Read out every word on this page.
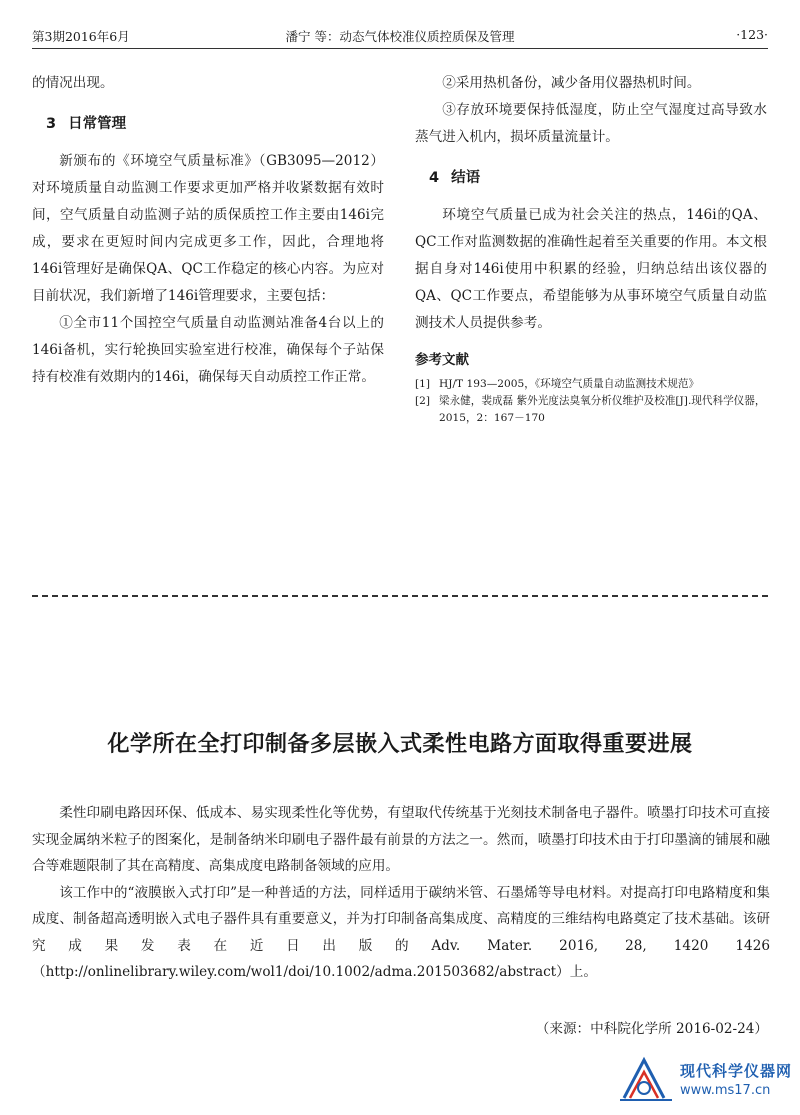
第3期2016年6月	潘宁 等：动态气体校准仪质控质保及管理	·123·

的情况出现。

3 日常管理

新颁布的《环境空气质量标准》（GB3095—2012）对环境质量自动监测工作要求更加严格并收紧数据有效时间，空气质量自动监测子站的质保质控工作主要由146i完成，要求在更短时间内完成更多工作，因此，合理地将146i管理好是确保QA、QC工作稳定的核心内容。为应对目前状况，我们新增了146i管理要求，主要包括：

①全市11个国控空气质量自动监测站准备4台以上的146i备机，实行轮换回实验室进行校准，确保每个子站保持有校准有效期内的146i，确保每天自动质控工作正常。

②采用热机备份，减少备用仪器热机时间。

③存放环境要保持低湿度，防止空气湿度过高导致水蒸气进入机内，损坏质量流量计。

4 结语

环境空气质量已成为社会关注的热点，146i的QA、QC工作对监测数据的准确性起着至关重要的作用。本文根据自身对146i使用中积累的经验，归纳总结出该仪器的QA、QC工作要点，希望能够为从事环境空气质量自动监测技术人员提供参考。

参考文献
[1] HJ/T 193—2005，《环境空气质量自动监测技术规范》
[2] 梁永健，裴成磊 紫外光度法臭氧分析仪维护及校准[J].现代科学仪器，2015，2：167－170
化学所在全打印制备多层嵌入式柔性电路方面取得重要进展

柔性印刷电路因环保、低成本、易实现柔性化等优势，有望取代传统基于光刻技术制备电子器件。喷墨打印技术可直接实现金属纳米粒子的图案化，是制备纳米印刷电子器件最有前景的方法之一。然而，喷墨打印技术由于打印墨滴的铺展和融合等难题限制了其在高精度、高集成度电路制备领域的应用。

该工作中的“液膜嵌入式打印”是一种普适的方法，同样适用于碳纳米管、石墨烯等导电材料。对提高打印电路精度和集成度、制备超高透明嵌入式电子器件具有重要意义，并为打印制备高集成度、高精度的三维结构电路奠定了技术基础。该研究成果发表在近日出版的Adv. Mater. 2016, 28, 1420 1426（http://onlinelibrary.wiley.com/wol1/doi/10.1002/adma.201503682/abstract）上。

（来源：中科院化学所 2016-02-24）
现代科学仪器网
www.ms17.cn
